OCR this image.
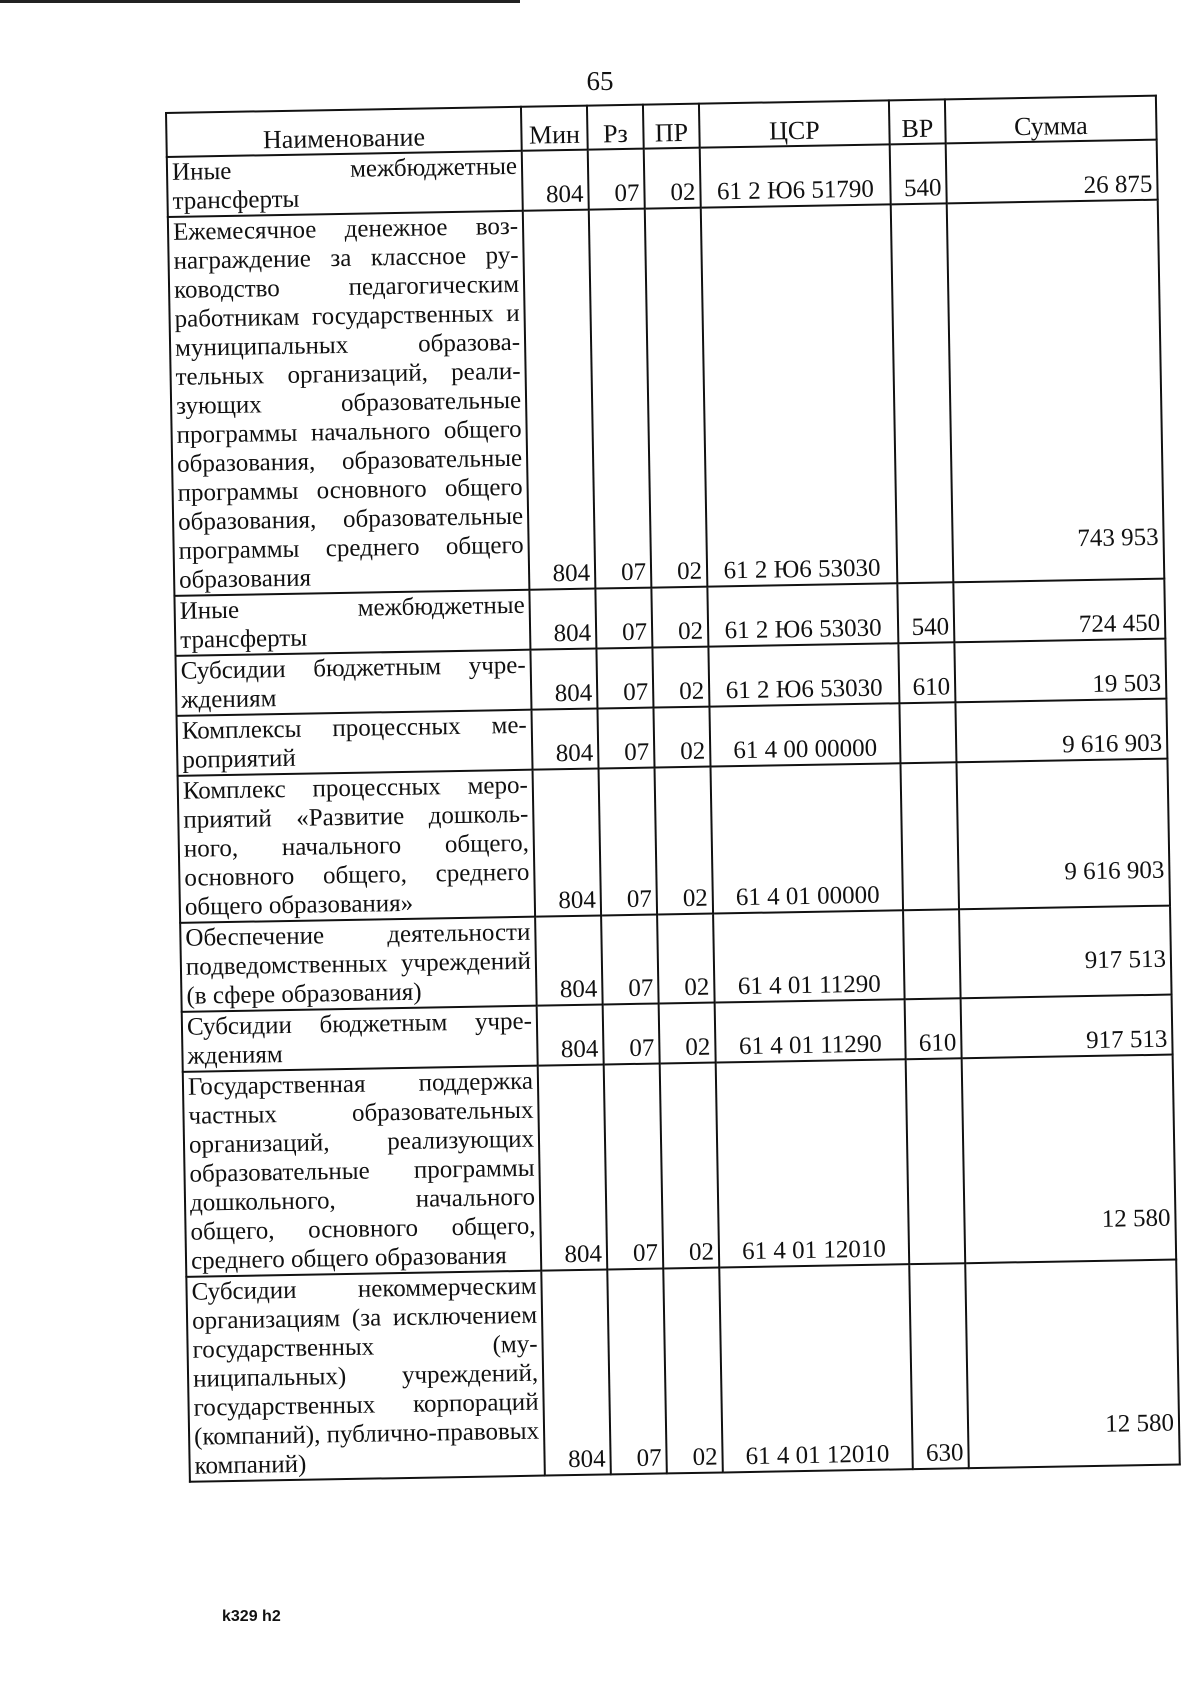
65
Наименование	Мин	Рз	ПР	ЦСР	ВР	Сумма
Иные межбюджетные трансферты	804	07	02	61 2 Ю6 51790	540	26 875
Ежемесячное денежное вознаграждение за классное руководство педагогическим работникам государственных и муниципальных образовательных организаций, реализующих образовательные программы начального общего образования, образовательные программы основного общего образования, образовательные программы среднего общего образования	804	07	02	61 2 Ю6 53030		743 953
Иные межбюджетные трансферты	804	07	02	61 2 Ю6 53030	540	724 450
Субсидии бюджетным учреждениям	804	07	02	61 2 Ю6 53030	610	19 503
Комплексы процессных мероприятий	804	07	02	61 4 00 00000		9 616 903
Комплекс процессных мероприятий «Развитие дошкольного, начального общего, основного общего, среднего общего образования»	804	07	02	61 4 01 00000		9 616 903
Обеспечение деятельности подведомственных учреждений (в сфере образования)	804	07	02	61 4 01 11290		917 513
Субсидии бюджетным учреждениям	804	07	02	61 4 01 11290	610	917 513
Государственная поддержка частных образовательных организаций, реализующих образовательные программы дошкольного, начального общего, основного общего, среднего общего образования	804	07	02	61 4 01 12010		12 580
Субсидии некоммерческим организациям (за исключением государственных (муниципальных) учреждений, государственных корпораций (компаний), публично-правовых компаний)	804	07	02	61 4 01 12010	630	12 580
k329 h2
